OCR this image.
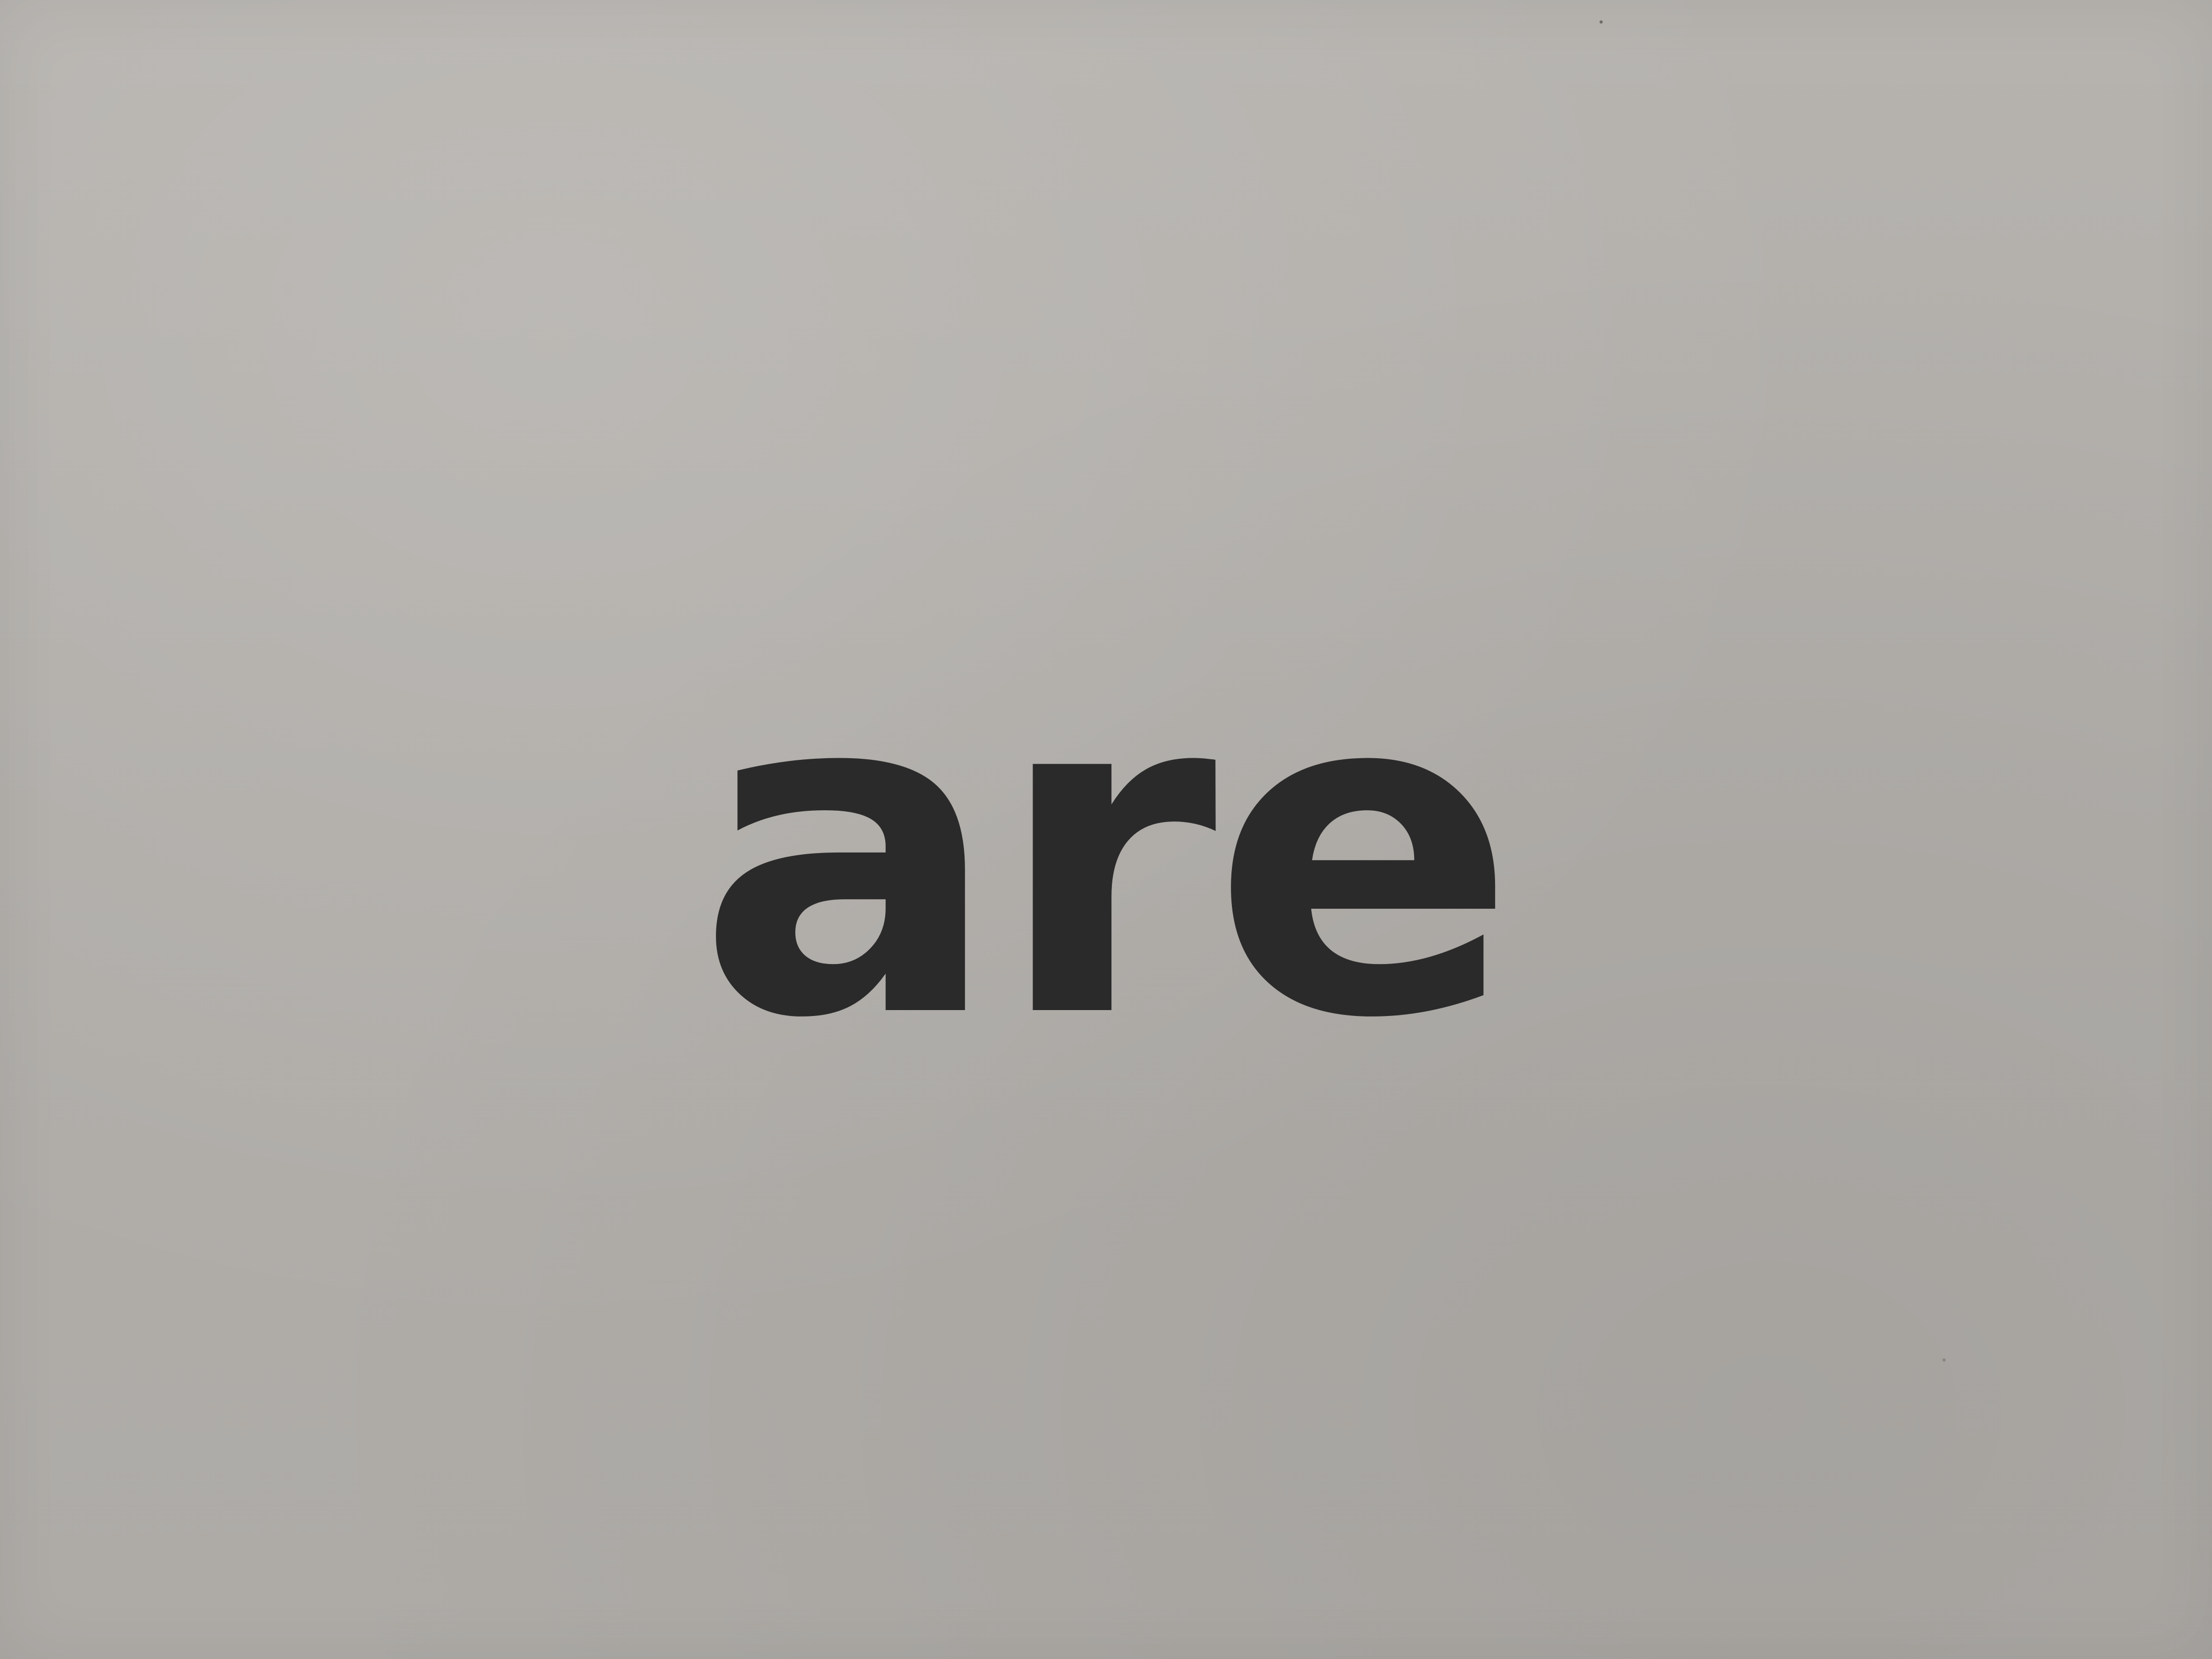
are
